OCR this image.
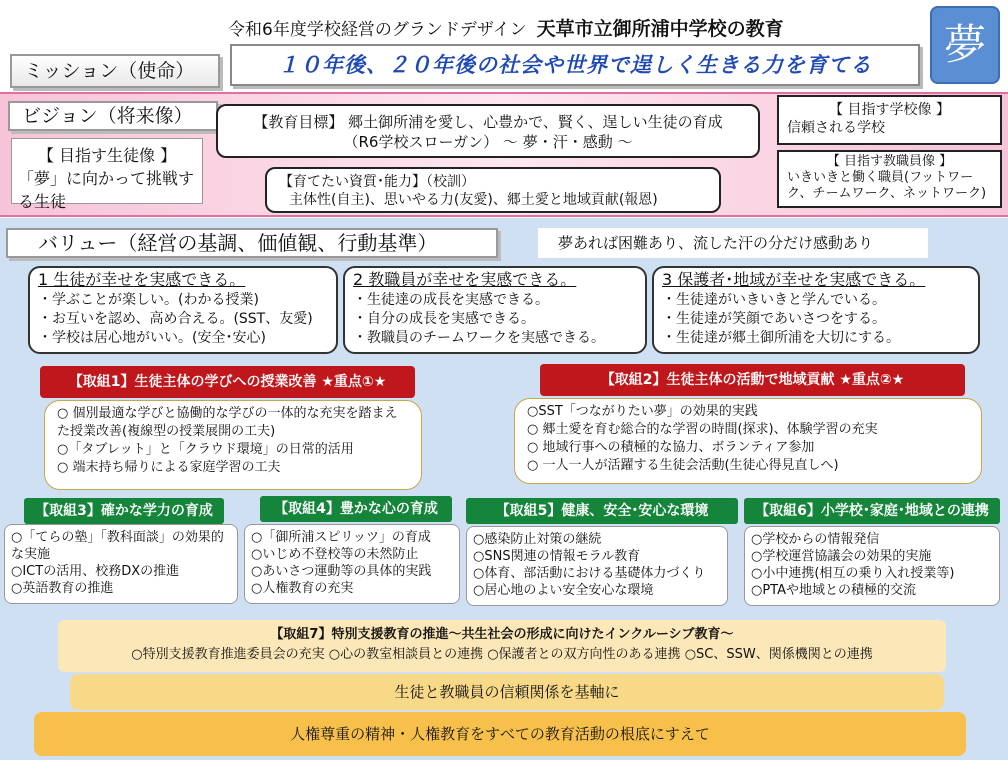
令和6年度学校経営のグランドデザイン 天草市立御所浦中学校の教育	夢
ミッション（使命）	１０年後、２０年後の社会や世界で逞しく生きる力を育てる
ビジョン（将来像）
【 目指す生徒像 】
「夢」に向かって挑戦する生徒
【教育目標】 郷土御所浦を愛し、心豊かで、賢く、逞しい生徒の育成
（R6学校スローガン） ～ 夢・汗・感動 ～
【育てたい資質･能力】（校訓）
主体性(自主)、思いやる力(友愛)、郷土愛と地域貢献(報恩)
【 目指す学校像 】
信頼される学校
【 目指す教職員像 】
いきいきと働く職員(フットワーク、チームワーク、ネットワーク)
バリュー（経営の基調、価値観、行動基準）	夢あれば困難あり、流した汗の分だけ感動あり
1 生徒が幸せを実感できる。
・学ぶことが楽しい。(わかる授業)
・お互いを認め、高め合える。(SST、友愛)
・学校は居心地がいい。(安全･安心)
2 教職員が幸せを実感できる。
・生徒達の成長を実感できる。
・自分の成長を実感できる。
・教職員のチームワークを実感できる。
3 保護者･地域が幸せを実感できる。
・生徒達がいきいきと学んでいる。
・生徒達が笑顔であいさつをする。
・生徒達が郷土御所浦を大切にする。
【取組1】生徒主体の学びへの授業改善 ★重点①★
○ 個別最適な学びと協働的な学びの一体的な充実を踏まえた授業改善(複線型の授業展開の工夫)
○「タブレット」と「クラウド環境」の日常的活用
○ 端末持ち帰りによる家庭学習の工夫
【取組2】生徒主体の活動で地域貢献 ★重点②★
○SST「つながりたい夢」の効果的実践
○ 郷土愛を育む総合的な学習の時間(探求)、体験学習の充実
○ 地域行事への積極的な協力、ボランティア参加
○ 一人一人が活躍する生徒会活動(生徒心得見直しへ)
【取組3】確かな学力の育成
○「てらの塾」「教科面談」の効果的な実施
○ICTの活用、校務DXの推進
○英語教育の推進
【取組4】豊かな心の育成
○「御所浦スピリッツ」の育成
○いじめ不登校等の未然防止
○あいさつ運動等の具体的実践
○人権教育の充実
【取組5】健康、安全･安心な環境
○感染防止対策の継続
○SNS関連の情報モラル教育
○体育、部活動における基礎体力づくり
○居心地のよい安全安心な環境
【取組6】小学校･家庭･地域との連携
○学校からの情報発信
○学校運営協議会の効果的実施
○小中連携(相互の乗り入れ授業等)
○PTAや地域との積極的交流
【取組7】特別支援教育の推進～共生社会の形成に向けたインクルーシブ教育～
○特別支援教育推進委員会の充実 ○心の教室相談員との連携 ○保護者との双方向性のある連携 ○SC、SSW、関係機関との連携
生徒と教職員の信頼関係を基軸に
人権尊重の精神・人権教育をすべての教育活動の根底にすえて
